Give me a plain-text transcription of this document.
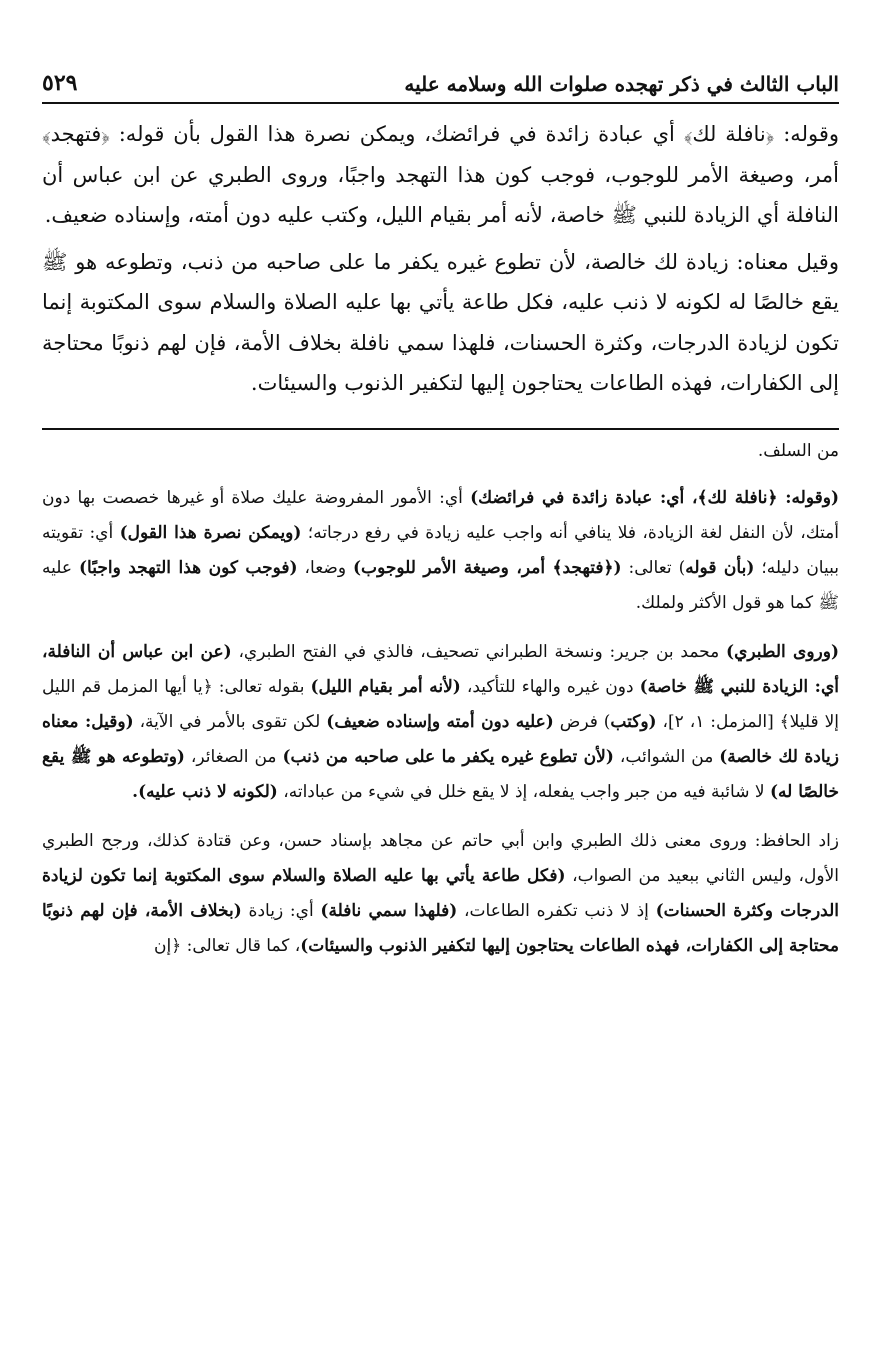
الباب الثالث في ذكر تهجده صلوات الله وسلامه عليه
٥٢٩

وقوله: ﴿نافلة لك﴾ أي عبادة زائدة في فرائضك، ويمكن نصرة هذا القول بأن قوله: ﴿فتهجد﴾ أمر، وصيغة الأمر للوجوب، فوجب كون هذا التهجد واجبًا، وروى الطبري عن ابن عباس أن النافلة أي الزيادة للنبي ﷺ خاصة، لأنه أمر بقيام الليل، وكتب عليه دون أمته، وإسناده ضعيف.

وقيل معناه: زيادة لك خالصة، لأن تطوع غيره يكفر ما على صاحبه من ذنب، وتطوعه هو ﷺ يقع خالصًا له لكونه لا ذنب عليه، فكل طاعة يأتي بها عليه الصلاة والسلام سوى المكتوبة إنما تكون لزيادة الدرجات، وكثرة الحسنات، فلهذا سمي نافلة بخلاف الأمة، فإن لهم ذنوبًا محتاجة إلى الكفارات، فهذه الطاعات يحتاجون إليها لتكفير الذنوب والسيئات.

من السلف.

(وقوله: ﴿نافلة لك﴾، أي: عبادة زائدة في فرائضك) أي: الأمور المفروضة عليك صلاة أو غيرها خصصت بها دون أمتك، لأن النفل لغة الزيادة، فلا ينافي أنه واجب عليه زيادة في رفع درجاته؛ (ويمكن نصرة هذا القول) أي: تقويته ببيان دليله؛ (بأن قوله) تعالى: (﴿فتهجد﴾ أمر، وصيغة الأمر للوجوب) وضعا، (فوجب كون هذا التهجد واجبًا) عليه ﷺ كما هو قول الأكثر ولملك.

(وروى الطبري) محمد بن جرير: ونسخة الطبراني تصحيف، فالذي في الفتح الطبري، (عن ابن عباس أن النافلة، أي: الزيادة للنبي ﷺ خاصة) دون غيره والهاء للتأكيد، (لأنه أمر بقيام الليل) بقوله تعالى: ﴿يا أيها المزمل قم الليل إلا قليلا﴾ [المزمل: ١، ٢]، (وكتب) فرض (عليه دون أمته وإسناده ضعيف) لكن تقوى بالأمر في الآية، (وقيل: معناه زيادة لك خالصة) من الشوائب، (لأن تطوع غيره يكفر ما على صاحبه من ذنب) من الصغائر، (وتطوعه هو ﷺ يقع خالصًا له) لا شائبة فيه من جبر واجب يفعله، إذ لا يقع خلل في شيء من عباداته، (لكونه لا ذنب عليه).

زاد الحافظ: وروى معنى ذلك الطبري وابن أبي حاتم عن مجاهد بإسناد حسن، وعن قتادة كذلك، ورجح الطبري الأول، وليس الثاني ببعيد من الصواب، (فكل طاعة يأتي بها عليه الصلاة والسلام سوى المكتوبة إنما تكون لزيادة الدرجات وكثرة الحسنات) إذ لا ذنب تكفره الطاعات، (فلهذا سمي نافلة) أي: زيادة (بخلاف الأمة، فإن لهم ذنوبًا محتاجة إلى الكفارات، فهذه الطاعات يحتاجون إليها لتكفير الذنوب والسيئات)، كما قال تعالى: ﴿إن
